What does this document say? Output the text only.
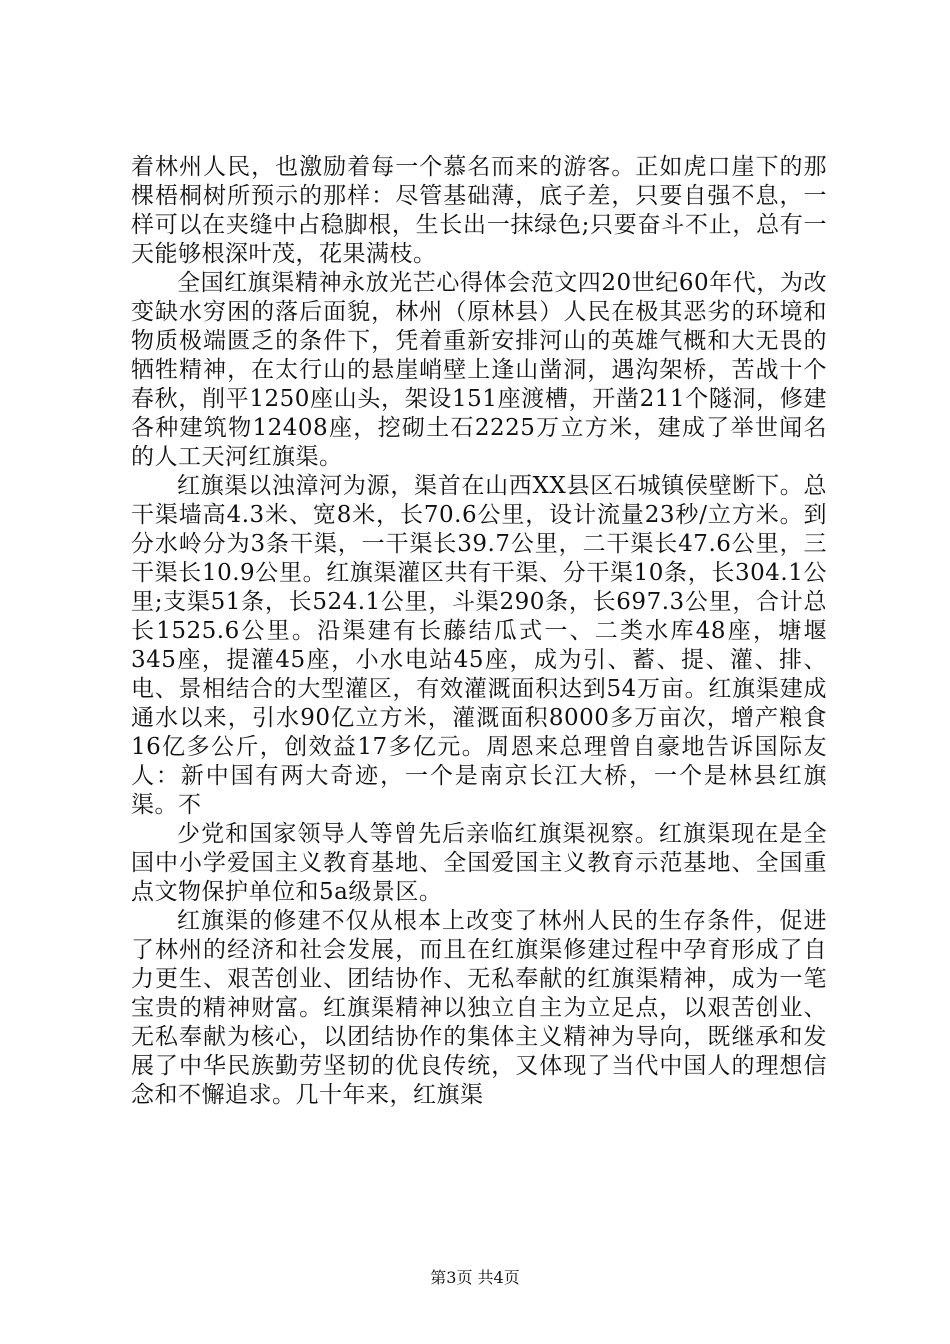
着林州人民，也激励着每一个慕名而来的游客。正如虎口崖下的那棵梧桐树所预示的那样：尽管基础薄，底子差，只要自强不息，一样可以在夹缝中占稳脚根，生长出一抹绿色;只要奋斗不止，总有一天能够根深叶茂，花果满枝。

全国红旗渠精神永放光芒心得体会范文四20世纪60年代，为改变缺水穷困的落后面貌，林州（原林县）人民在极其恶劣的环境和物质极端匮乏的条件下，凭着重新安排河山的英雄气概和大无畏的牺牲精神，在太行山的悬崖峭壁上逢山凿洞，遇沟架桥，苦战十个春秋，削平1250座山头，架设151座渡槽，开凿211个隧洞，修建各种建筑物12408座，挖砌土石2225万立方米，建成了举世闻名的人工天河红旗渠。

红旗渠以浊漳河为源，渠首在山西XX县区石城镇侯壁断下。总干渠墙高4.3米、宽8米，长70.6公里，设计流量23秒/立方米。到分水岭分为3条干渠，一干渠长39.7公里，二干渠长47.6公里，三干渠长10.9公里。红旗渠灌区共有干渠、分干渠10条，长304.1公里;支渠51条，长524.1公里，斗渠290条，长697.3公里，合计总长1525.6公里。沿渠建有长藤结瓜式一、二类水库48座，塘堰345座，提灌45座，小水电站45座，成为引、蓄、提、灌、排、电、景相结合的大型灌区，有效灌溉面积达到54万亩。红旗渠建成通水以来，引水90亿立方米，灌溉面积8000多万亩次，增产粮食16亿多公斤，创效益17多亿元。周恩来总理曾自豪地告诉国际友人：新中国有两大奇迹，一个是南京长江大桥，一个是林县红旗渠。不

少党和国家领导人等曾先后亲临红旗渠视察。红旗渠现在是全国中小学爱国主义教育基地、全国爱国主义教育示范基地、全国重点文物保护单位和5a级景区。

红旗渠的修建不仅从根本上改变了林州人民的生存条件，促进了林州的经济和社会发展，而且在红旗渠修建过程中孕育形成了自力更生、艰苦创业、团结协作、无私奉献的红旗渠精神，成为一笔宝贵的精神财富。红旗渠精神以独立自主为立足点，以艰苦创业、无私奉献为核心，以团结协作的集体主义精神为导向，既继承和发展了中华民族勤劳坚韧的优良传统，又体现了当代中国人的理想信念和不懈追求。几十年来，红旗渠

第3页 共4页
